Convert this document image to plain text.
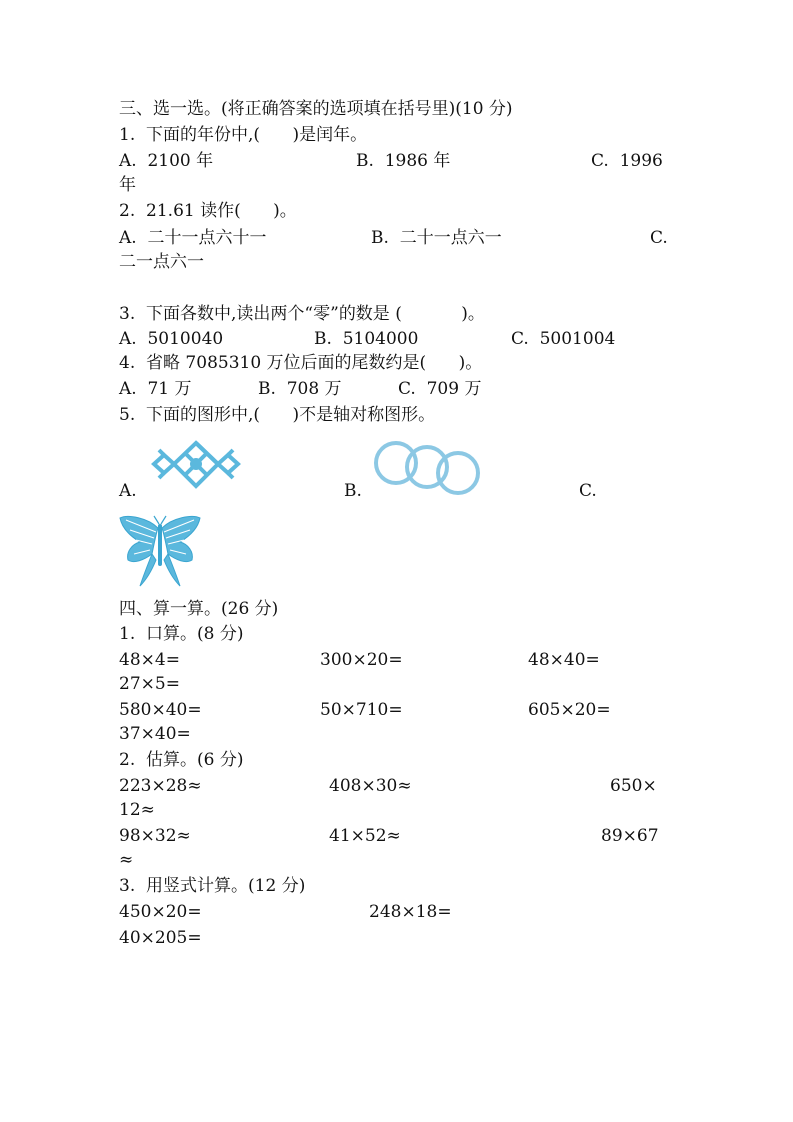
三、选一选。(将正确答案的选项填在括号里)(10 分)

1.  下面的年份中,(      )是闰年。

A.  2100 年	B.  1986 年	C.  1996

年

2.  21.61 读作(      )。

A.  二十一点六十一	B.  二十一点六一	C.

二一点六一

3.  下面各数中,读出两个“零”的数是 (           )。

A.  5010040	B.  5104000	C.  5001004

4.  省略 7085310 万位后面的尾数约是(      )。

A.  71 万	B.  708 万	C.  709 万

5.  下面的图形中,(      )不是轴对称图形。

A.	B.	C.

四、算一算。(26 分)

1.  口算。(8 分)

48×4=	300×20=	48×40=
27×5=
580×40=	50×710=	605×20=
37×40=

2.  估算。(6 分)

223×28≈	408×30≈	650×
12≈
98×32≈	41×52≈	89×67
≈

3.  用竖式计算。(12 分)

450×20=	248×18=
40×205=
